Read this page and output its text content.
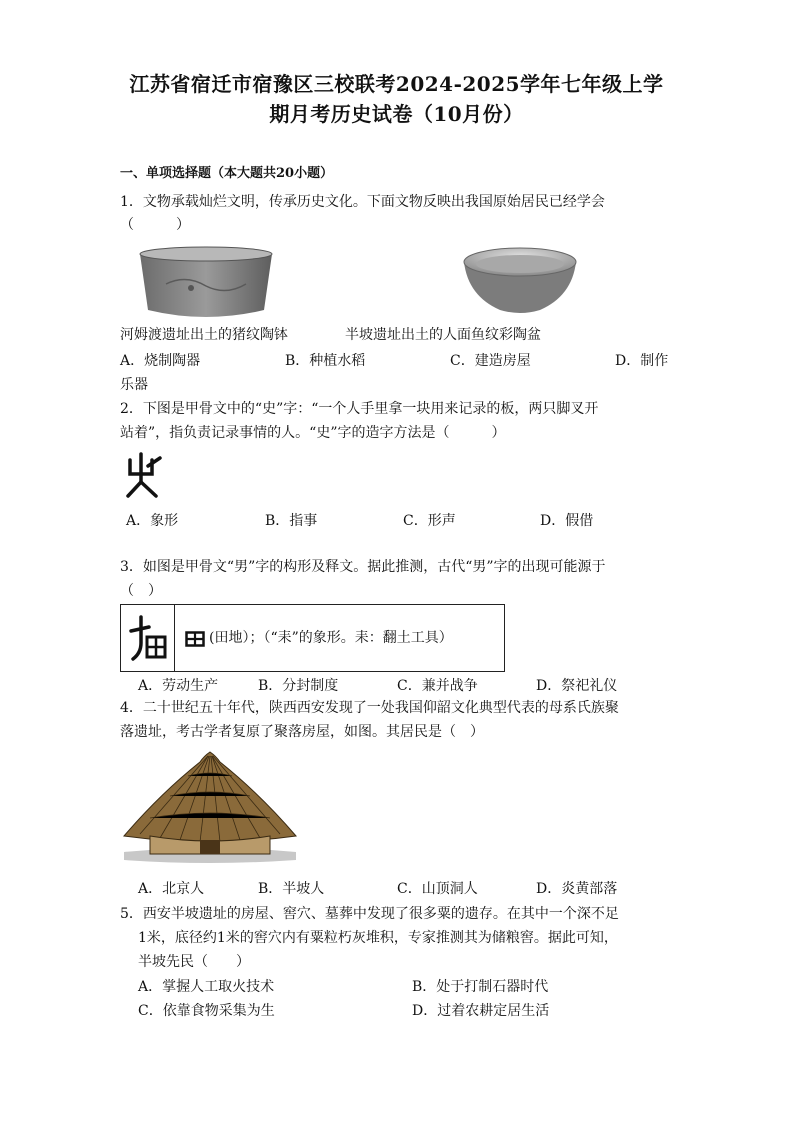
江苏省宿迁市宿豫区三校联考2024-2025学年七年级上学
期月考历史试卷（10月份）
一、单项选择题（本大题共20小题）
1．文物承载灿烂文明，传承历史文化。下面文物反映出我国原始居民已经学会
（　　　）
河姆渡遗址出土的猪纹陶钵	半坡遗址出土的人面鱼纹彩陶盆
A．烧制陶器	B．种植水稻	C．建造房屋	D．制作
乐器
2．下图是甲骨文中的“史”字：“一个人手里拿一块用来记录的板，两只脚叉开
站着”，指负责记录事情的人。“史”字的造字方法是（　　　）
A．象形	B．指事	C．形声	D．假借
3．如图是甲骨文“男”字的构形及释文。据此推测，古代“男”字的出现可能源于
（　）
(田地）；（“耒”的象形。耒：翻土工具）
A．劳动生产	B．分封制度	C．兼并战争	D．祭祀礼仪
4．二十世纪五十年代，陕西西安发现了一处我国仰韶文化典型代表的母系氏族聚
落遗址，考古学者复原了聚落房屋，如图。其居民是（　）
A．北京人	B．半坡人	C．山顶洞人	D．炎黄部落
5．西安半坡遗址的房屋、窖穴、墓葬中发现了很多粟的遗存。在其中一个深不足
1米，底径约1米的窖穴内有粟粒朽灰堆积，专家推测其为储粮窖。据此可知，
半坡先民（　　）
A．掌握人工取火技术	B．处于打制石器时代
C．依靠食物采集为生	D．过着农耕定居生活
